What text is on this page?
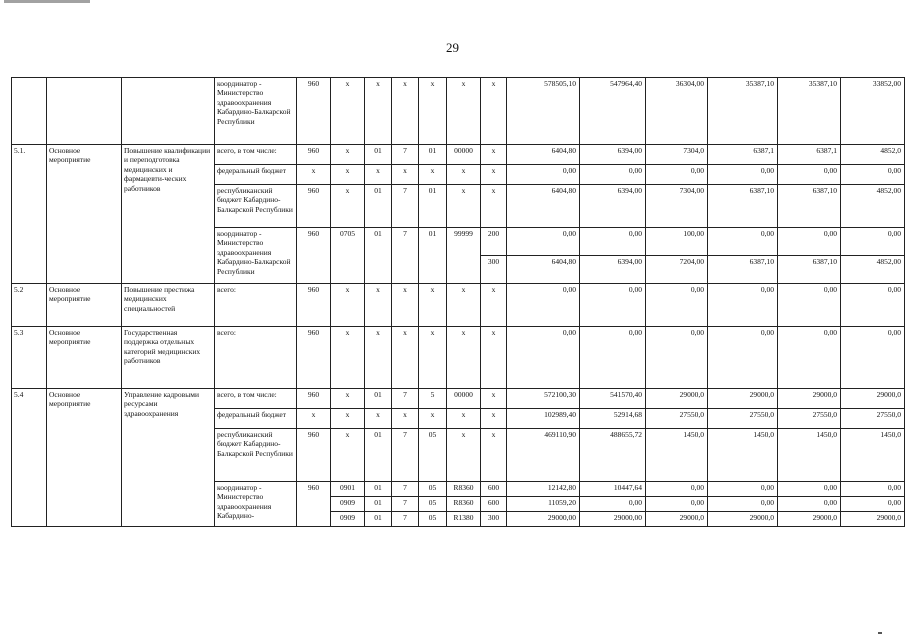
29
			координатор - Министерство здравоохранения Кабардино-Балкарской Республики	960	х	х	х	х	х	х	578505,10	547964,40	36304,00	35387,10	35387,10	33852,00
5.1.	Основное мероприятие	Повышение квалификации и переподготовка медицинских и фармацевти-ческих работников	всего, в том числе:	960	х	01	7	01	00000	х	6404,80	6394,00	7304,0	6387,1	6387,1	4852,0
			федеральный бюджет	х	х	х	х	х	х	х	0,00	0,00	0,00	0,00	0,00	0,00
			республиканский бюджет Кабардино-Балкарской Республики	960	х	01	7	01	х	х	6404,80	6394,00	7304,00	6387,10	6387,10	4852,00
			координатор - Министерство здравоохранения Кабардино-Балкарской Республики	960	0705	01	7	01	99999	200	0,00	0,00	100,00	0,00	0,00	0,00
										300	6404,80	6394,00	7204,00	6387,10	6387,10	4852,00
5.2	Основное мероприятие	Повышение престижа медицинских специальностей	всего:	960	х	х	х	х	х	х	0,00	0,00	0,00	0,00	0,00	0,00
5.3	Основное мероприятие	Государственная поддержка отдельных категорий медицинских работников	всего:	960	х	х	х	х	х	х	0,00	0,00	0,00	0,00	0,00	0,00
5.4	Основное мероприятие	Управление кадровыми ресурсами здравоохранения	всего, в том числе:	960	х	01	7	5	00000	х	572100,30	541570,40	29000,0	29000,0	29000,0	29000,0
			федеральный бюджет	х	х	х	х	х	х	х	102989,40	52914,68	27550,0	27550,0	27550,0	27550,0
			республиканский бюджет Кабардино-Балкарской Республики	960	х	01	7	05	х	х	469110,90	488655,72	1450,0	1450,0	1450,0	1450,0
			координатор - Министерство здравоохранения Кабардино-	960	0901	01	7	05	R8360	600	12142,80	10447,64	0,00	0,00	0,00	0,00
					0909	01	7	05	R8360	600	11059,20	0,00	0,00	0,00	0,00	0,00
					0909	01	7	05	R1380	300	29000,00	29000,00	29000,0	29000,0	29000,0	29000,0
